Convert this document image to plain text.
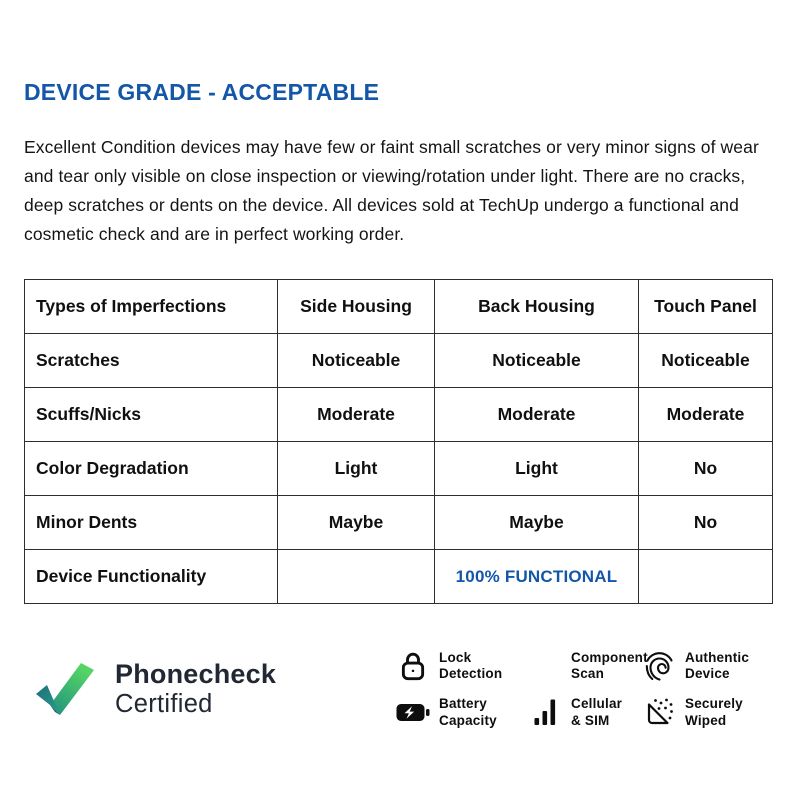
DEVICE GRADE - ACCEPTABLE

Excellent Condition devices may have few or faint small scratches or very minor signs of wear and tear only visible on close inspection or viewing/rotation under light. There are no cracks, deep scratches or dents on the device. All devices sold at TechUp undergo a functional and cosmetic check and are in perfect working order.

Types of Imperfections	Side Housing	Back Housing	Touch Panel
Scratches	Noticeable	Noticeable	Noticeable
Scuffs/Nicks	Moderate	Moderate	Moderate
Color Degradation	Light	Light	No
Minor Dents	Maybe	Maybe	No
Device Functionality		100% FUNCTIONAL	
Phonecheck
Certified
Lock
Detection
Component
Scan
Authentic
Device
Battery
Capacity
Cellular
& SIM
Securely
Wiped
